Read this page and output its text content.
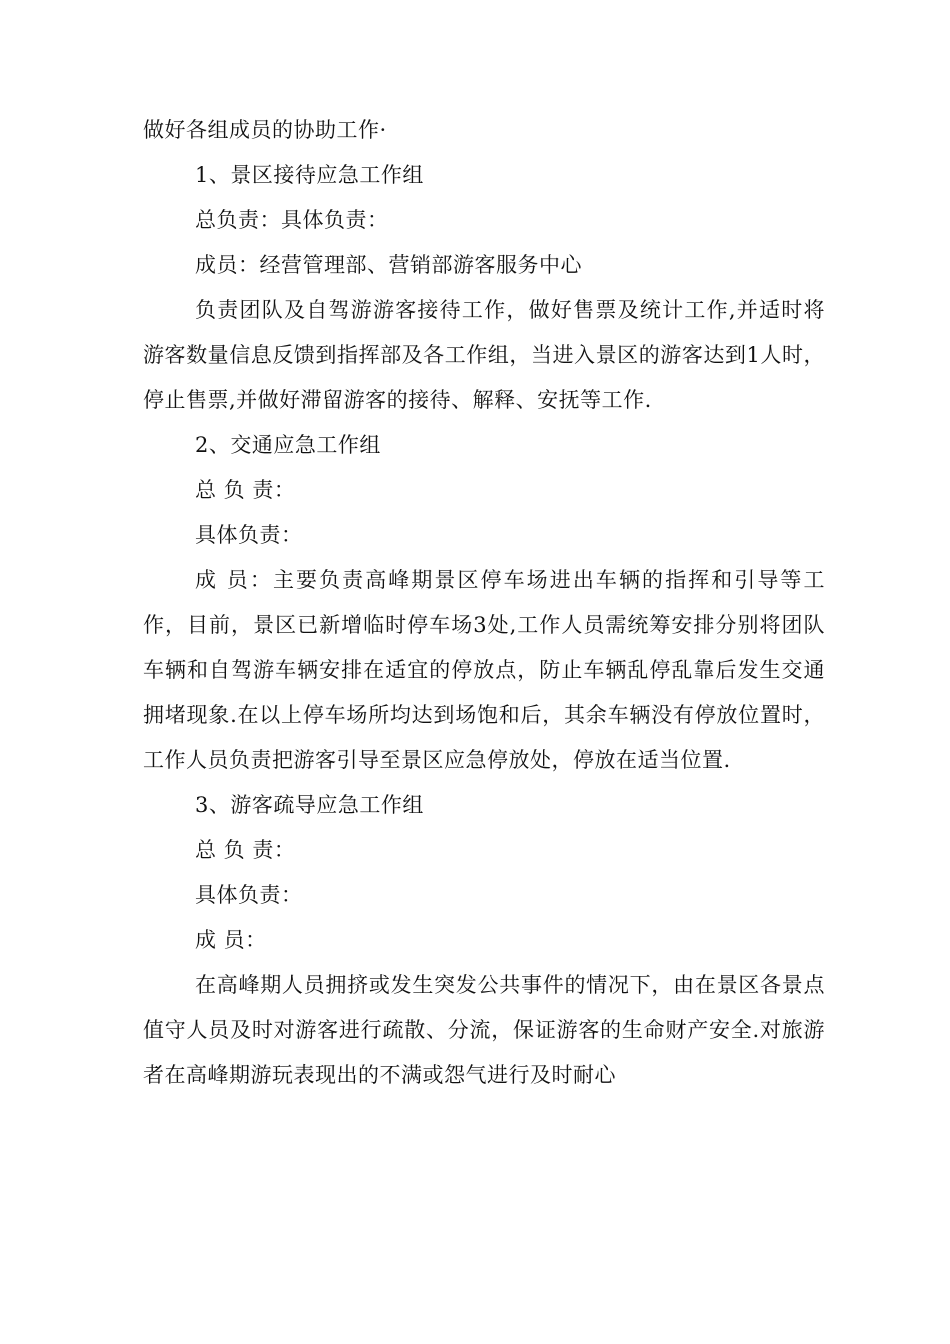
做好各组成员的协助工作·

1、景区接待应急工作组

总负责：具体负责：

成员：经营管理部、营销部游客服务中心

负责团队及自驾游游客接待工作，做好售票及统计工作,并适时将游客数量信息反馈到指挥部及各工作组，当进入景区的游客达到1人时，停止售票,并做好滞留游客的接待、解释、安抚等工作.

2、交通应急工作组

总 负 责：

具体负责：

成 员：主要负责高峰期景区停车场进出车辆的指挥和引导等工作，目前，景区已新增临时停车场3处,工作人员需统筹安排分别将团队车辆和自驾游车辆安排在适宜的停放点，防止车辆乱停乱靠后发生交通拥堵现象.在以上停车场所均达到场饱和后，其余车辆没有停放位置时，工作人员负责把游客引导至景区应急停放处，停放在适当位置.

3、游客疏导应急工作组

总 负 责：

具体负责：

成 员：

在高峰期人员拥挤或发生突发公共事件的情况下，由在景区各景点值守人员及时对游客进行疏散、分流，保证游客的生命财产安全.对旅游者在高峰期游玩表现出的不满或怨气进行及时耐心
